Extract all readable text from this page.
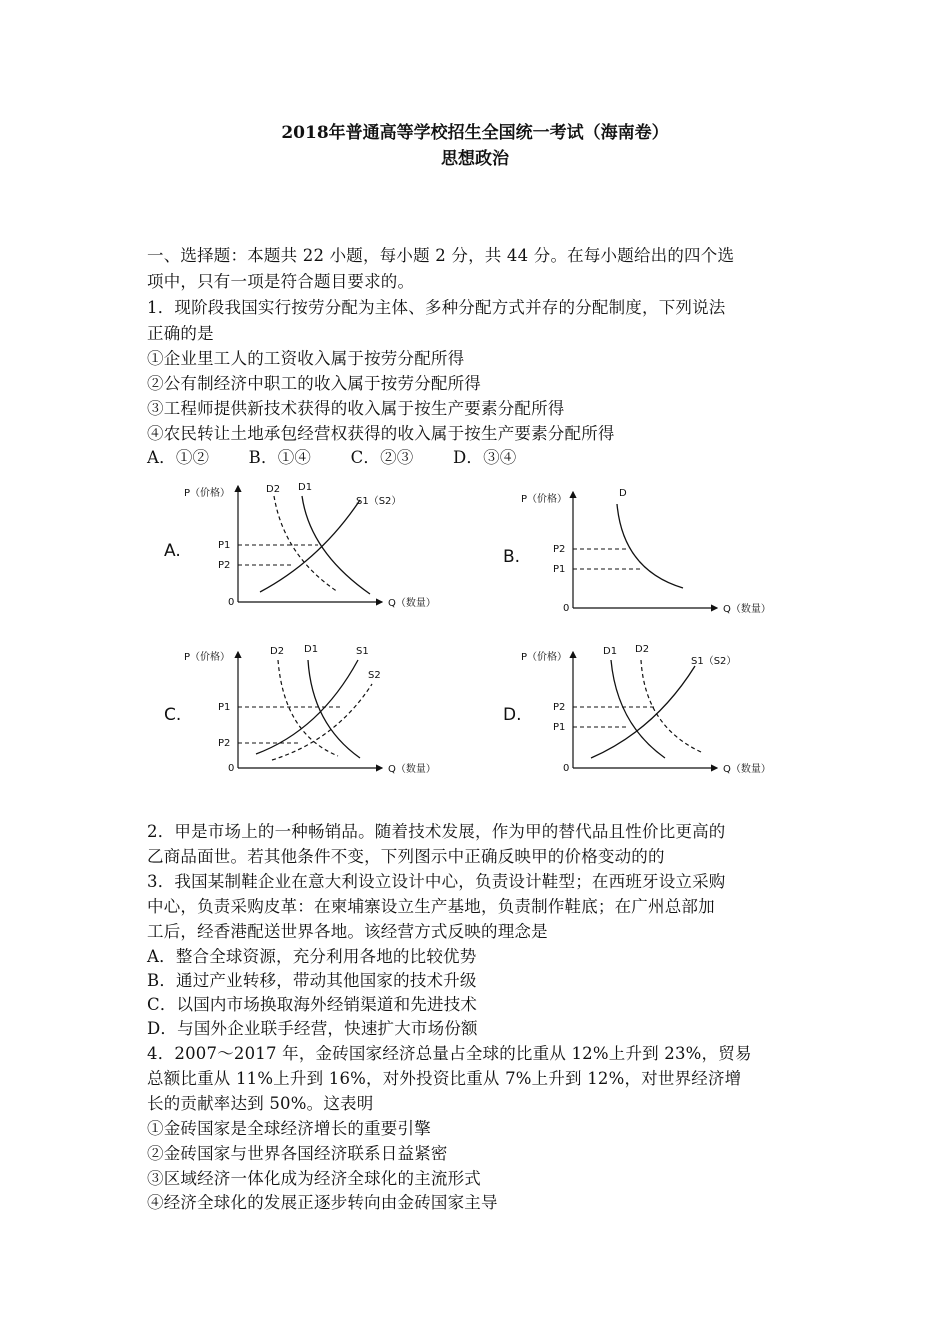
2018年普通高等学校招生全国统一考试（海南卷）
思想政治
一、选择题：本题共 22 小题，每小题 2 分，共 44 分。在每小题给出的四个选
项中，只有一项是符合题目要求的。
1．现阶段我国实行按劳分配为主体、多种分配方式并存的分配制度，下列说法
正确的是
①企业里工人的工资收入属于按劳分配所得
②公有制经济中职工的收入属于按劳分配所得
③工程师提供新技术获得的收入属于按生产要素分配所得
④农民转让土地承包经营权获得的收入属于按生产要素分配所得
A．①② B．①④ C．②③ D．③④
P（价格）
Q（数量）
0
A.
D2 D1
S1（S2）
P1
P2
P（价格）
Q（数量）
0
B.
D
P2
P1
P（价格）
Q（数量）
0
C.
D2 D1	S1
S2
P1
P2
P（价格）
Q（数量）
0
D.
D1 D2
S1（S2）
P2
P1
2．甲是市场上的一种畅销品。随着技术发展，作为甲的替代品且性价比更高的
乙商品面世。若其他条件不变，下列图示中正确反映甲的价格变动的的
3．我国某制鞋企业在意大利设立设计中心，负责设计鞋型；在西班牙设立采购
中心，负责采购皮革：在柬埔寨设立生产基地，负责制作鞋底；在广州总部加
工后，经香港配送世界各地。该经营方式反映的理念是
A．整合全球资源，充分利用各地的比较优势
B．通过产业转移，带动其他国家的技术升级
C．以国内市场换取海外经销渠道和先进技术
D．与国外企业联手经营，快速扩大市场份额
4．2007～2017 年，金砖国家经济总量占全球的比重从 12%上升到 23%，贸易
总额比重从 11%上升到 16%，对外投资比重从 7%上升到 12%，对世界经济增
长的贡献率达到 50%。这表明
①金砖国家是全球经济增长的重要引擎
②金砖国家与世界各国经济联系日益紧密
③区域经济一体化成为经济全球化的主流形式
④经济全球化的发展正逐步转向由金砖国家主导
